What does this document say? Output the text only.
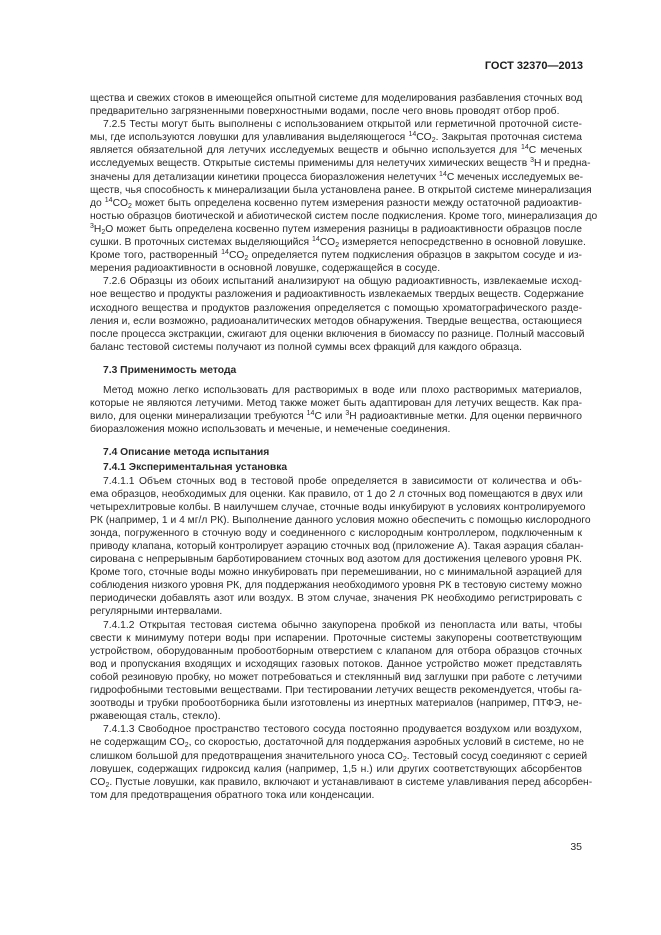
ГОСТ 32370—2013
щества и свежих стоков в имеющейся опытной системе для моделирования разбавления сточных вод
предварительно загрязненными поверхностными водами, после чего вновь проводят отбор проб.
7.2.5 Тесты могут быть выполнены с использованием открытой или герметичной проточной систе-
мы, где используются ловушки для улавливания выделяющегося $^{14}CO_2$. Закрытая проточная система
является обязательной для летучих исследуемых веществ и обычно используется для $^{14}$С меченых
исследуемых веществ. Открытые системы применимы для нелетучих химических веществ $^3$Н и предна-
значены для детализации кинетики процесса биоразложения нелетучих $^{14}$С меченых исследуемых ве-
ществ, чья способность к минерализации была установлена ранее. В открытой системе минерализация
до $^{14}CO_2$ может быть определена косвенно путем измерения разности между остаточной радиоактив-
ностью образцов биотической и абиотической систем после подкисления. Кроме того, минерализация до
$^3Н_2О$ может быть определена косвенно путем измерения разницы в радиоактивности образцов после
сушки. В проточных системах выделяющийся $^{14}CO_2$ измеряется непосредственно в основной ловушке.
Кроме того, растворенный $^{14}CO_2$ определяется путем подкисления образцов в закрытом сосуде и из-
мерения радиоактивности в основной ловушке, содержащейся в сосуде.
7.2.6 Образцы из обоих испытаний анализируют на общую радиоактивность, извлекаемые исход-
ное вещество и продукты разложения и радиоактивность извлекаемых твердых веществ. Содержание
исходного вещества и продуктов разложения определяется с помощью хроматографического разде-
ления и, если возможно, радиоаналитических методов обнаружения. Твердые вещества, остающиеся
после процесса экстракции, сжигают для оценки включения в биомассу по разнице. Полный массовый
баланс тестовой системы получают из полной суммы всех фракций для каждого образца.
7.3 Применимость метода
Метод можно легко использовать для растворимых в воде или плохо растворимых материалов,
которые не являются летучими. Метод также может быть адаптирован для летучих веществ. Как пра-
вило, для оценки минерализации требуются $^{14}$С или $^3$Н радиоактивные метки. Для оценки первичного
биоразложения можно использовать и меченые, и немеченые соединения.
7.4 Описание метода испытания
7.4.1 Экспериментальная установка
7.4.1.1 Объем сточных вод в тестовой пробе определяется в зависимости от количества и объ-
ема образцов, необходимых для оценки. Как правило, от 1 до 2 л сточных вод помещаются в двух или
четырехлитровые колбы. В наилучшем случае, сточные воды инкубируют в условиях контролируемого
РК (например, 1 и 4 мг/л РК). Выполнение данного условия можно обеспечить с помощью кислородного
зонда, погруженного в сточную воду и соединенного с кислородным контроллером, подключенным к
приводу клапана, который контролирует аэрацию сточных вод (приложение А). Такая аэрация сбалан-
сирована с непрерывным барботированием сточных вод азотом для достижения целевого уровня РК.
Кроме того, сточные воды можно инкубировать при перемешивании, но с минимальной аэрацией для
соблюдения низкого уровня РК, для поддержания необходимого уровня РК в тестовую систему можно
периодически добавлять азот или воздух. В этом случае, значения РК необходимо регистрировать с
регулярными интервалами.
7.4.1.2 Открытая тестовая система обычно закупорена пробкой из пенопласта или ваты, чтобы
свести к минимуму потери воды при испарении. Проточные системы закупорены соответствующим
устройством, оборудованным пробоотборным отверстием с клапаном для отбора образцов сточных
вод и пропускания входящих и исходящих газовых потоков. Данное устройство может представлять
собой резиновую пробку, но может потребоваться и стеклянный вид заглушки при работе с летучими
гидрофобными тестовыми веществами. При тестировании летучих веществ рекомендуется, чтобы га-
зоотводы и трубки пробоотборника были изготовлены из инертных материалов (например, ПТФЭ, не-
ржавеющая сталь, стекло).
7.4.1.3 Свободное пространство тестового сосуда постоянно продувается воздухом или воздухом,
не содержащим $CO_2$, со скоростью, достаточной для поддержания аэробных условий в системе, но не
слишком большой для предотвращения значительного уноса $CO_2$. Тестовый сосуд соединяют с серией
ловушек, содержащих гидроксид калия (например, 1,5 н.) или других соответствующих абсорбентов
$CO_2$. Пустые ловушки, как правило, включают и устанавливают в системе улавливания перед абсорбен-
том для предотвращения обратного тока или конденсации.
35
